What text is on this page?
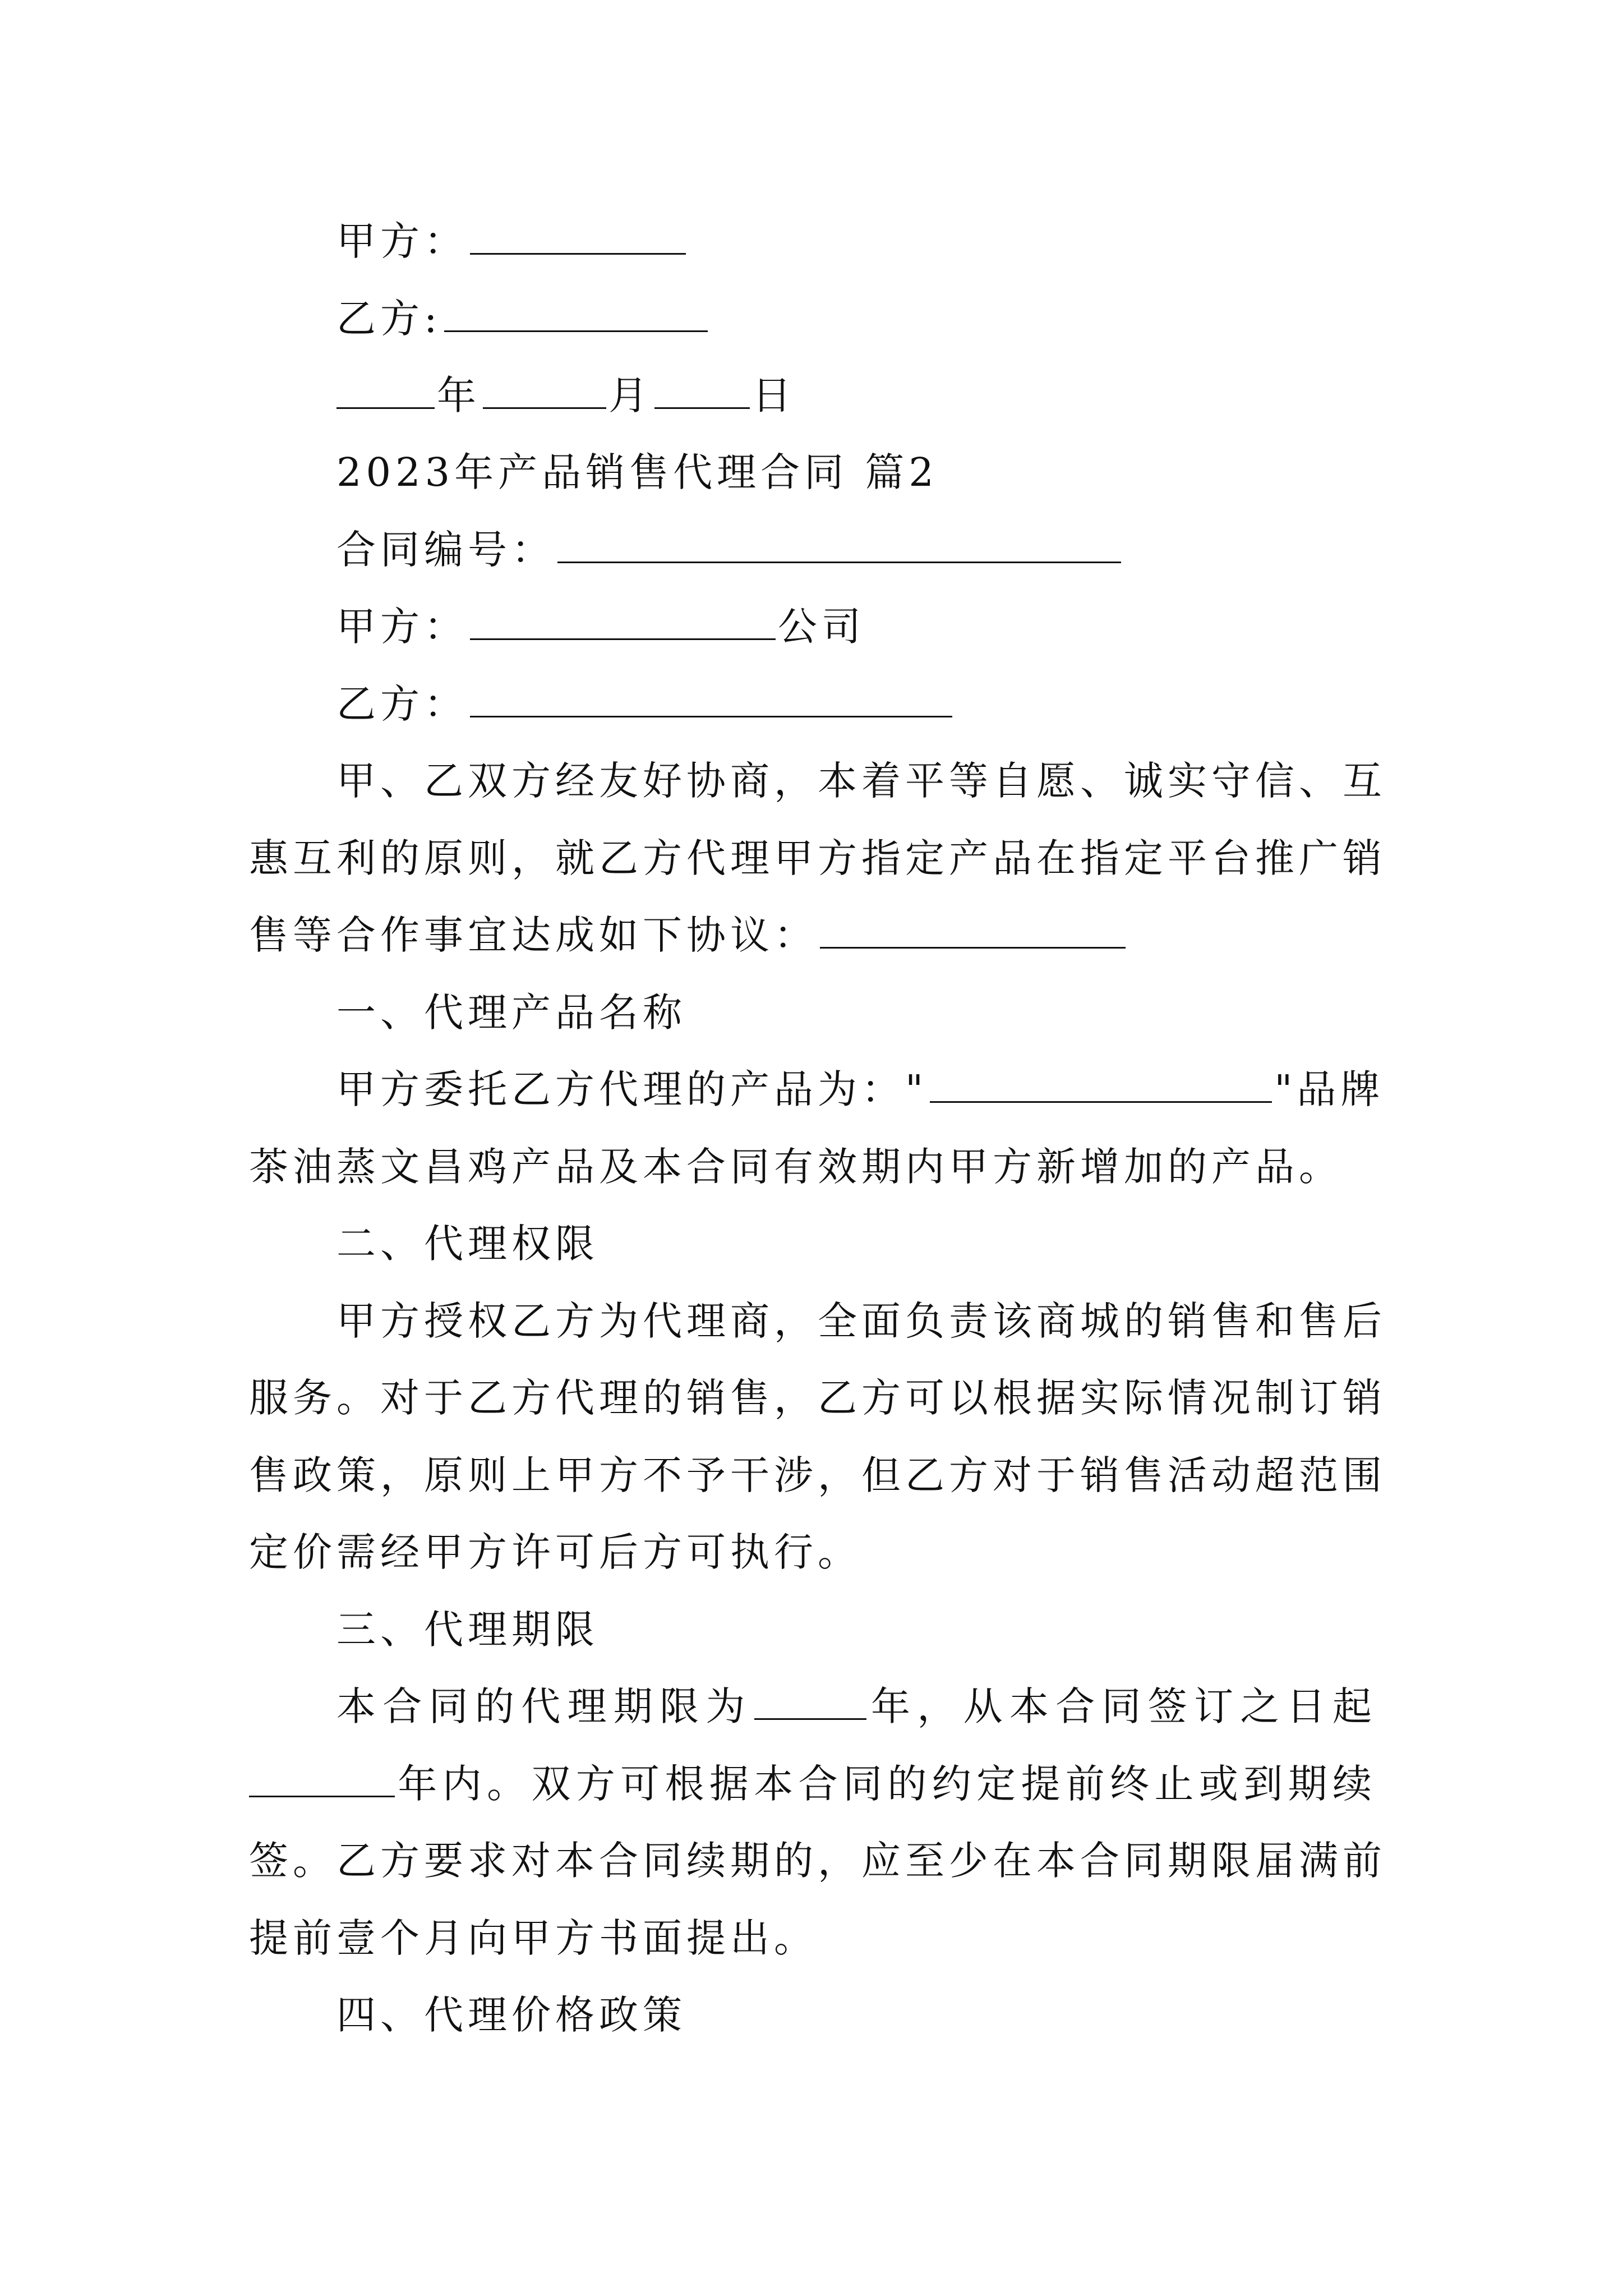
甲方：
乙方:
年	月	日
2023年产品销售代理合同 篇2
合同编号：
甲方：	公司
乙方：
甲、乙双方经友好协商，本着平等自愿、诚实守信、互
惠互利的原则，就乙方代理甲方指定产品在指定平台推广销
售等合作事宜达成如下协议：
一、代理产品名称
甲方委托乙方代理的产品为："	"品牌
茶油蒸文昌鸡产品及本合同有效期内甲方新增加的产品。
二、代理权限
甲方授权乙方为代理商，全面负责该商城的销售和售后
服务。对于乙方代理的销售，乙方可以根据实际情况制订销
售政策，原则上甲方不予干涉，但乙方对于销售活动超范围
定价需经甲方许可后方可执行。
三、代理期限
本合同的代理期限为	年，从本合同签订之日起
年内。双方可根据本合同的约定提前终止或到期续
签。乙方要求对本合同续期的，应至少在本合同期限届满前
提前壹个月向甲方书面提出。
四、代理价格政策
